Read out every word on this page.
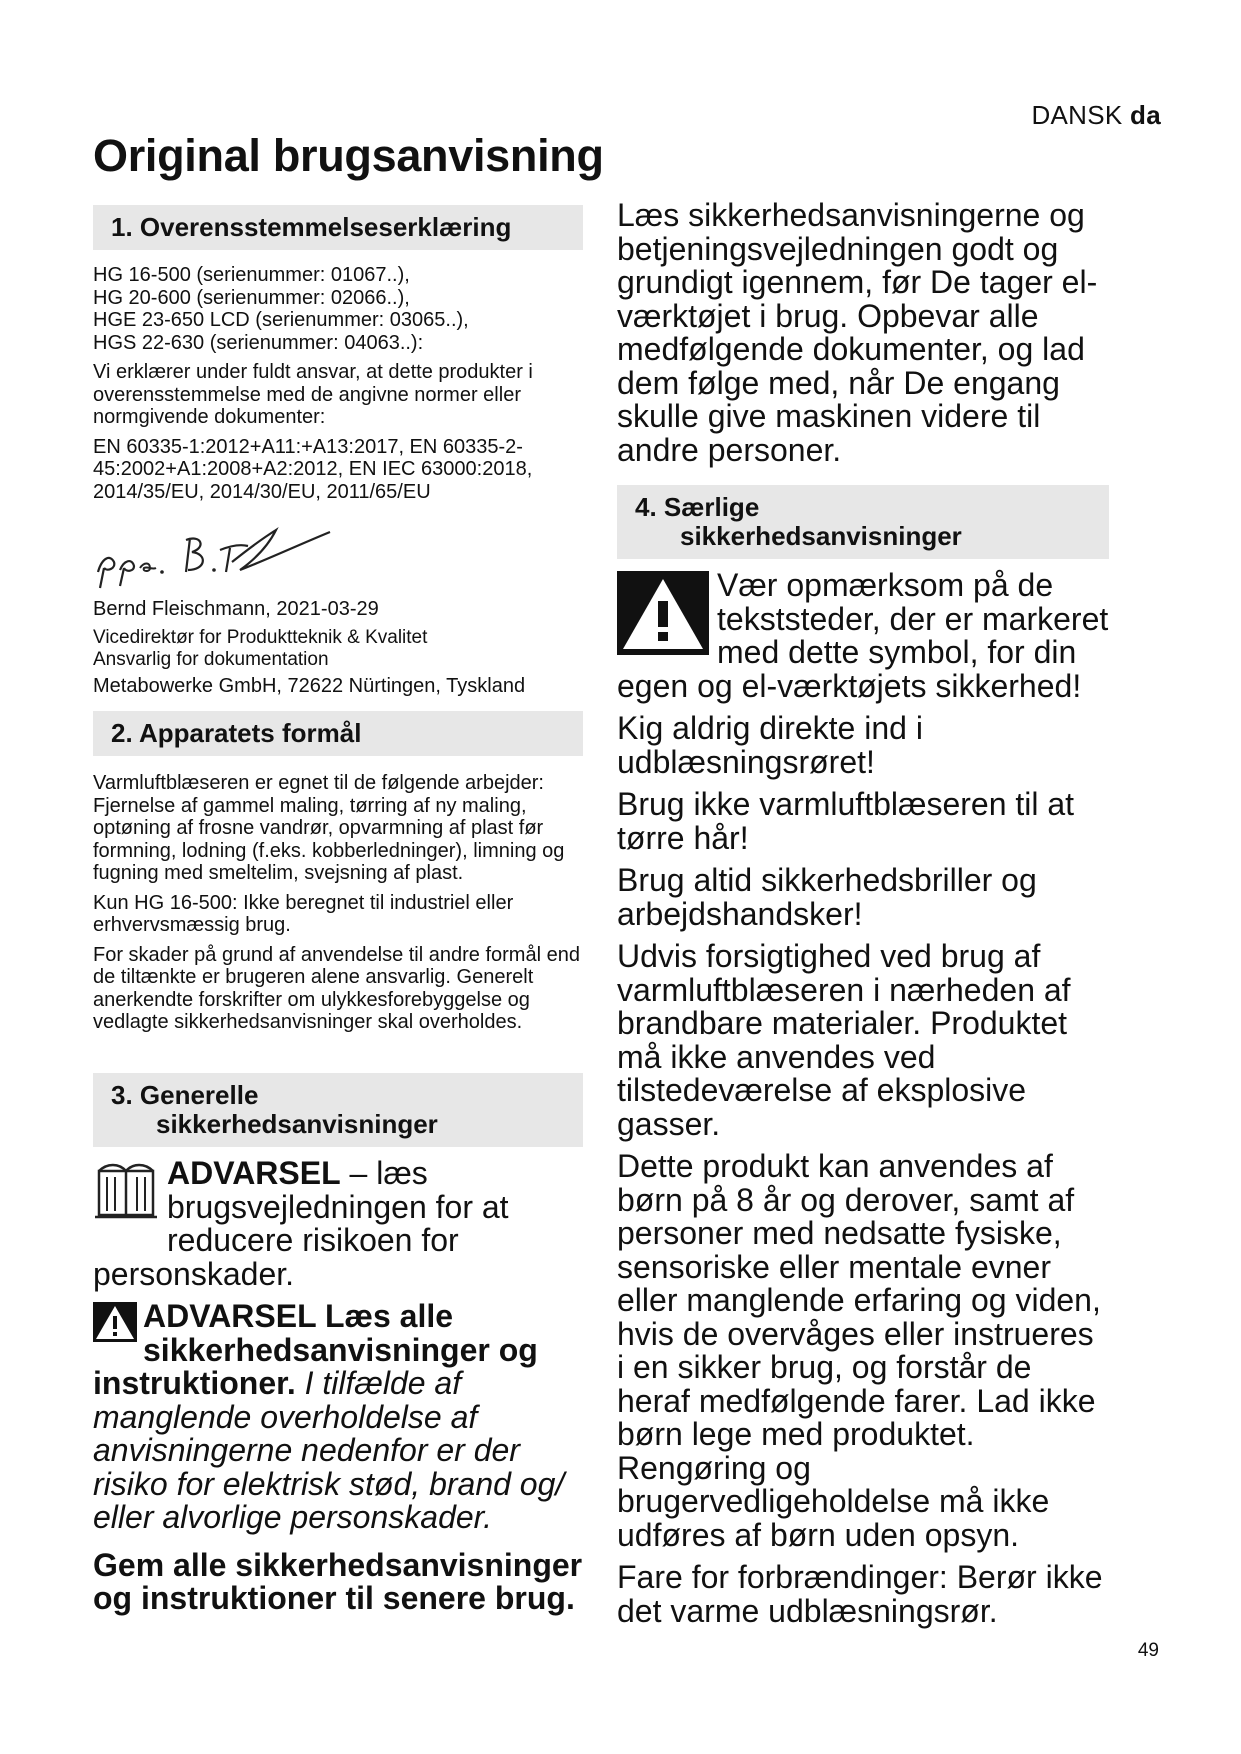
DANSK da
Original brugsanvisning
1. Overensstemmelseserklæring

HG 16-500 (serienummer: 01067..),
HG 20-600 (serienummer: 02066..),
HGE 23-650 LCD (serienummer: 03065..),
HGS 22-630 (serienummer: 04063..):

Vi erklærer under fuldt ansvar, at dette produkter i overensstemmelse med de angivne normer eller normgivende dokumenter:

EN 60335-1:2012+A11:+A13:2017, EN 60335-2-45:2002+A1:2008+A2:2012, EN IEC 63000:2018, 2014/35/EU, 2014/30/EU, 2011/65/EU

Bernd Fleischmann, 2021-03-29

Vicedirektør for Produktteknik & Kvalitet

Ansvarlig for dokumentation

Metabowerke GmbH, 72622 Nürtingen, Tyskland

2. Apparatets formål

Varmluftblæseren er egnet til de følgende arbejder: Fjernelse af gammel maling, tørring af ny maling, optøning af frosne vandrør, opvarmning af plast før formning, lodning (f.eks. kobberledninger), limning og fugning med smeltelim, svejsning af plast.

Kun HG 16-500: Ikke beregnet til industriel eller erhvervsmæssig brug.

For skader på grund af anvendelse til andre formål end de tiltænkte er brugeren alene ansvarlig. Generelt anerkendte forskrifter om ulykkesforebyggelse og vedlagte sikkerhedsanvisninger skal overholdes.

3. Generelle
sikkerhedsanvisninger

ADVARSEL – læs brugsvejledningen for at reducere risikoen for personskader.

ADVARSEL Læs alle sikkerhedsanvisninger og instruktioner. I tilfælde af manglende overholdelse af anvisningerne nedenfor er der risiko for elektrisk stød, brand og/ eller alvorlige personskader.

Gem alle sikkerhedsanvisninger og instruktioner til senere brug.

Læs sikkerhedsanvisningerne og betjeningsvejledningen godt og grundigt igennem, før De tager el-værktøjet i brug. Opbevar alle medfølgende dokumenter, og lad dem følge med, når De engang skulle give maskinen videre til andre personer.
4. Særlige
sikkerhedsanvisninger

Vær opmærksom på de tekststeder, der er markeret med dette symbol, for din egen og el-værktøjets sikkerhed!

Kig aldrig direkte ind i udblæsningsrøret!

Brug ikke varmluftblæseren til at tørre hår!

Brug altid sikkerhedsbriller og arbejdshandsker!

Udvis forsigtighed ved brug af varmluftblæseren i nærheden af brandbare materialer. Produktet må ikke anvendes ved tilstedeværelse af eksplosive gasser.

Dette produkt kan anvendes af børn på 8 år og derover, samt af personer med nedsatte fysiske, sensoriske eller mentale evner eller manglende erfaring og viden, hvis de overvåges eller instrueres i en sikker brug, og forstår de heraf medfølgende farer. Lad ikke børn lege med produktet. Rengøring og brugervedligeholdelse må ikke udføres af børn uden opsyn.

Fare for forbrændinger: Berør ikke det varme udblæsningsrør.

49
